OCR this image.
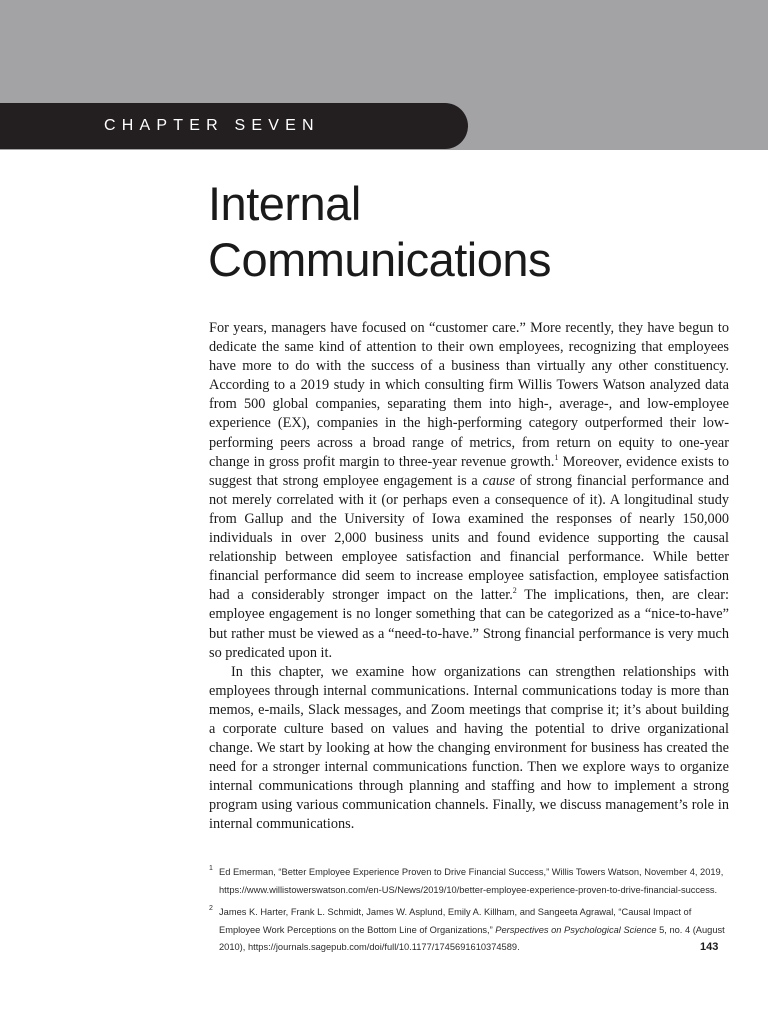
CHAPTER SEVEN
Internal
Communications

For years, managers have focused on “customer care.” More recently, they have begun to dedicate the same kind of attention to their own employees, recognizing that employees have more to do with the success of a business than virtually any other constituency. According to a 2019 study in which consulting firm Willis Towers Watson analyzed data from 500 global companies, separating them into high-, average-, and low-employee experience (EX), companies in the high-performing category outperformed their low-performing peers across a broad range of metrics, from return on equity to one-year change in gross profit margin to three-year revenue growth.$^1$ Moreover, evidence exists to suggest that strong employee engagement is a cause of strong financial performance and not merely correlated with it (or perhaps even a consequence of it). A longitudinal study from Gallup and the University of Iowa examined the responses of nearly 150,000 individuals in over 2,000 business units and found evidence supporting the causal relationship between employee satisfaction and financial performance. While better financial performance did seem to increase employee satisfaction, employee satisfaction had a considerably stronger impact on the latter.$^2$ The implications, then, are clear: employee engagement is no longer something that can be categorized as a “nice-to-have” but rather must be viewed as a “need-to-have.” Strong financial performance is very much so predicated upon it.

In this chapter, we examine how organizations can strengthen relationships with employees through internal communications. Internal communications today is more than memos, e-mails, Slack messages, and Zoom meetings that comprise it; it’s about building a corporate culture based on values and having the potential to drive organizational change. We start by looking at how the changing environment for business has created the need for a stronger internal communications function. Then we explore ways to organize internal communications through planning and staffing and how to implement a strong program using various communication channels. Finally, we discuss management’s role in internal communications.

1 Ed Emerman, “Better Employee Experience Proven to Drive Financial Success,” Willis Towers Watson, November 4, 2019, https://www.willistowerswatson.com/en-US/News/2019/10/better-employee-experience-proven-to-drive-financial-success.
2 James K. Harter, Frank L. Schmidt, James W. Asplund, Emily A. Killham, and Sangeeta Agrawal, “Causal Impact of Employee Work Perceptions on the Bottom Line of Organizations,” Perspectives on Psychological Science 5, no. 4 (August 2010), https://journals.sagepub.com/doi/full/10.1177/1745691610374589.	143
